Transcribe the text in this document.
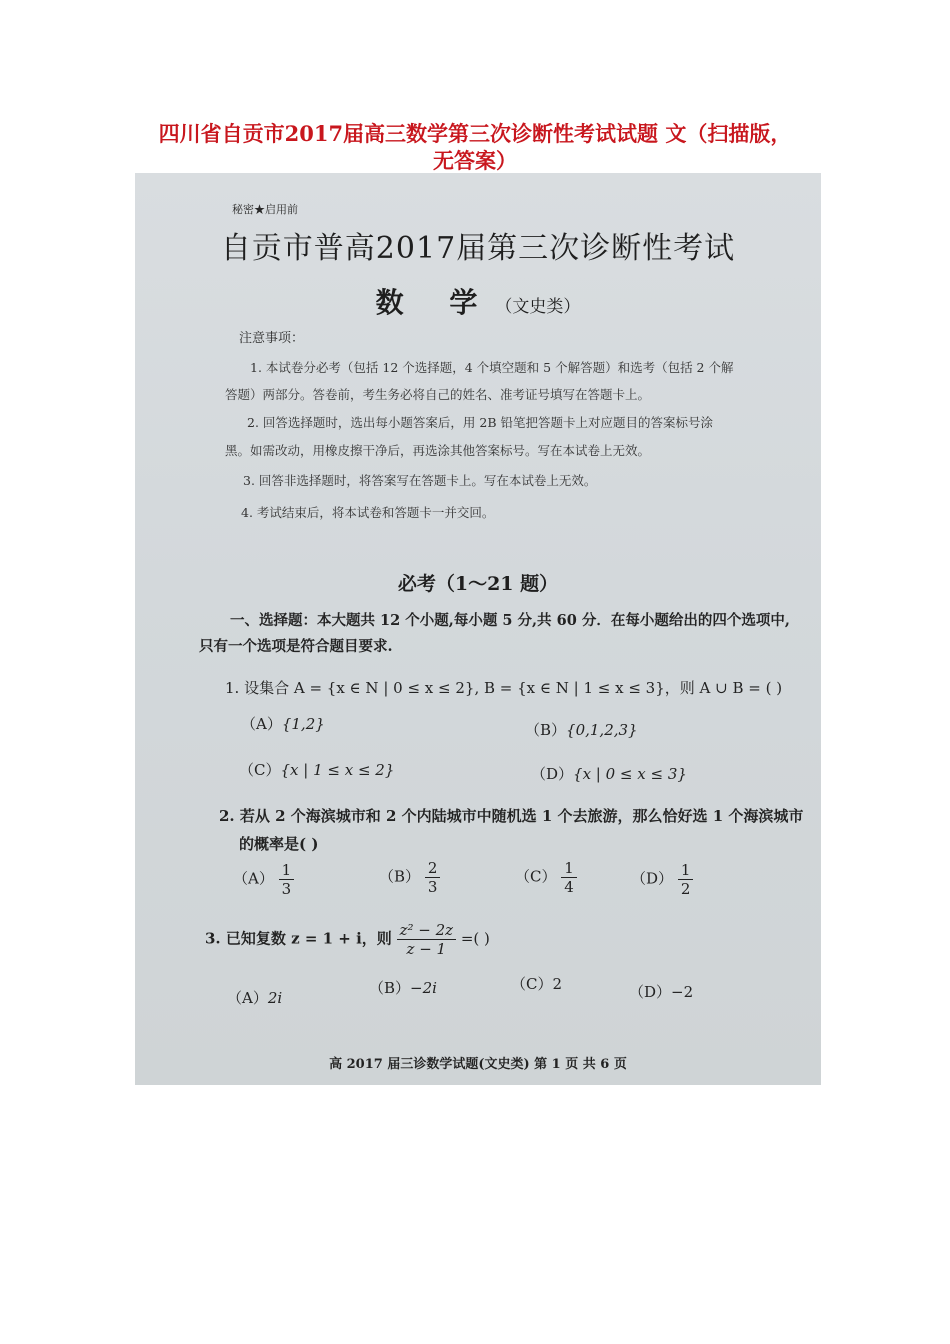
四川省自贡市2017届高三数学第三次诊断性考试试题 文（扫描版，
无答案）
秘密★启用前
自贡市普高2017届第三次诊断性考试
数 学（文史类）
注意事项：
1. 本试卷分必考（包括 12 个选择题，4 个填空题和 5 个解答题）和选考（包括 2 个解
答题）两部分。答卷前，考生务必将自己的姓名、准考证号填写在答题卡上。
2. 回答选择题时，选出每小题答案后，用 2B 铅笔把答题卡上对应题目的答案标号涂
黑。如需改动，用橡皮擦干净后，再选涂其他答案标号。写在本试卷上无效。
3. 回答非选择题时，将答案写在答题卡上。写在本试卷上无效。
4. 考试结束后，将本试卷和答题卡一并交回。
必考（1～21 题）
一、选择题：本大题共 12 个小题,每小题 5 分,共 60 分．在每小题给出的四个选项中,
只有一个选项是符合题目要求.
1. 设集合 A = {x ∈ N | 0 ≤ x ≤ 2}, B = {x ∈ N | 1 ≤ x ≤ 3}，则 A ∪ B = ( )
（A）{1,2}	（B）{0,1,2,3}
（C）{x | 1 ≤ x ≤ 2}	（D）{x | 0 ≤ x ≤ 3}
2. 若从 2 个海滨城市和 2 个内陆城市中随机选 1 个去旅游，那么恰好选 1 个海滨城市
的概率是( )
$(A) \frac{1}{3}$	$(B) \frac{2}{3}$	$(C) \frac{1}{4}$	$(D) \frac{1}{2}$
3. 已知复数 z = 1 + i，则 $\frac{\text{z² − 2z}}{z - 1}$ =( )
（A）2i
（B）−2i	（C）2	（D）−2
高 2017 届三诊数学试题(文史类) 第 1 页 共 6 页
